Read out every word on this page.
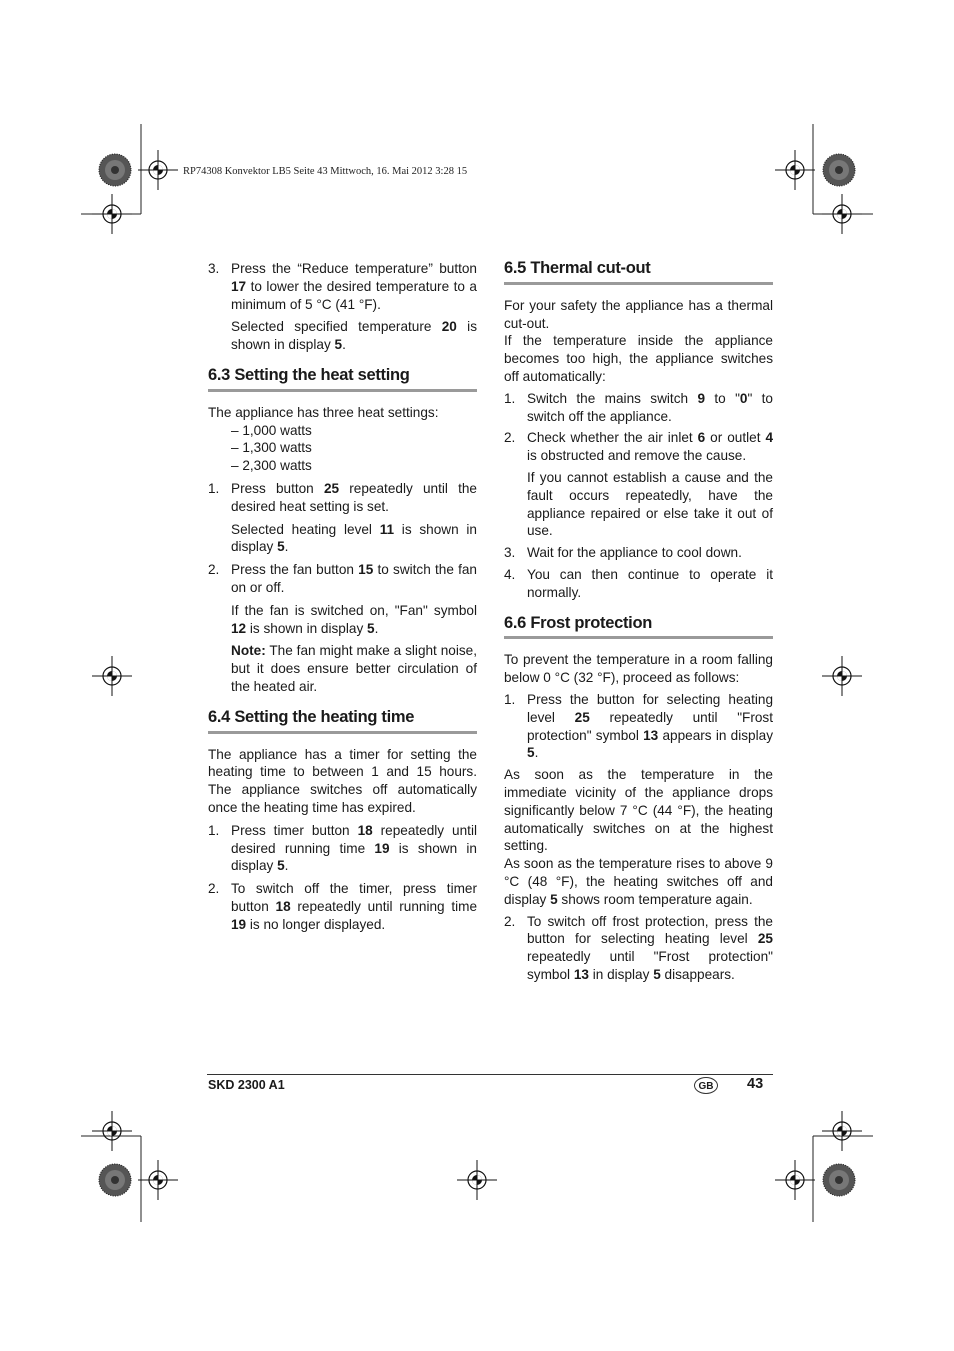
RP74308 Konvektor LB5 Seite 43 Mittwoch, 16. Mai 2012 3:28 15
3. Press the “Reduce temperature” button 17 to lower the desired temperature to a minimum of 5 °C (41 °F).
Selected specified temperature 20 is shown in display 5.
6.3 Setting the heat setting

The appliance has three heat settings:

– 1,000 watts
– 1,300 watts
– 2,300 watts
1. Press button 25 repeatedly until the desired heat setting is set.
Selected heating level 11 is shown in display 5.
2. Press the fan button 15 to switch the fan on or off.
If the fan is switched on, "Fan" symbol 12 is shown in display 5.
Note: The fan might make a slight noise, but it does ensure better circulation of the heated air.
6.4 Setting the heating time

The appliance has a timer for setting the heating time to between 1 and 15 hours. The appliance switches off automatically once the heating time has expired.

1. Press timer button 18 repeatedly until desired running time 19 is shown in display 5.
2. To switch off the timer, press timer button 18 repeatedly until running time 19 is no longer displayed.
6.5 Thermal cut-out

For your safety the appliance has a thermal cut-out.

If the temperature inside the appliance becomes too high, the appliance switches off automatically:

1. Switch the mains switch 9 to "0" to switch off the appliance.
2. Check whether the air inlet 6 or outlet 4 is obstructed and remove the cause.
If you cannot establish a cause and the fault occurs repeatedly, have the appliance repaired or else take it out of use.
3. Wait for the appliance to cool down.
4. You can then continue to operate it normally.
6.6 Frost protection

To prevent the temperature in a room falling below 0 °C (32 °F), proceed as follows:

1. Press the button for selecting heating level 25 repeatedly until "Frost protection" symbol 13 appears in display 5.

As soon as the temperature in the immediate vicinity of the appliance drops significantly below 7 °C (44 °F), the heating automatically switches on at the highest setting.

As soon as the temperature rises to above 9 °C (48 °F), the heating switches off and display 5 shows room temperature again.

2. To switch off frost protection, press the button for selecting heating level 25 repeatedly until "Frost protection" symbol 13 in display 5 disappears.
SKD 2300 A1	GB	43
